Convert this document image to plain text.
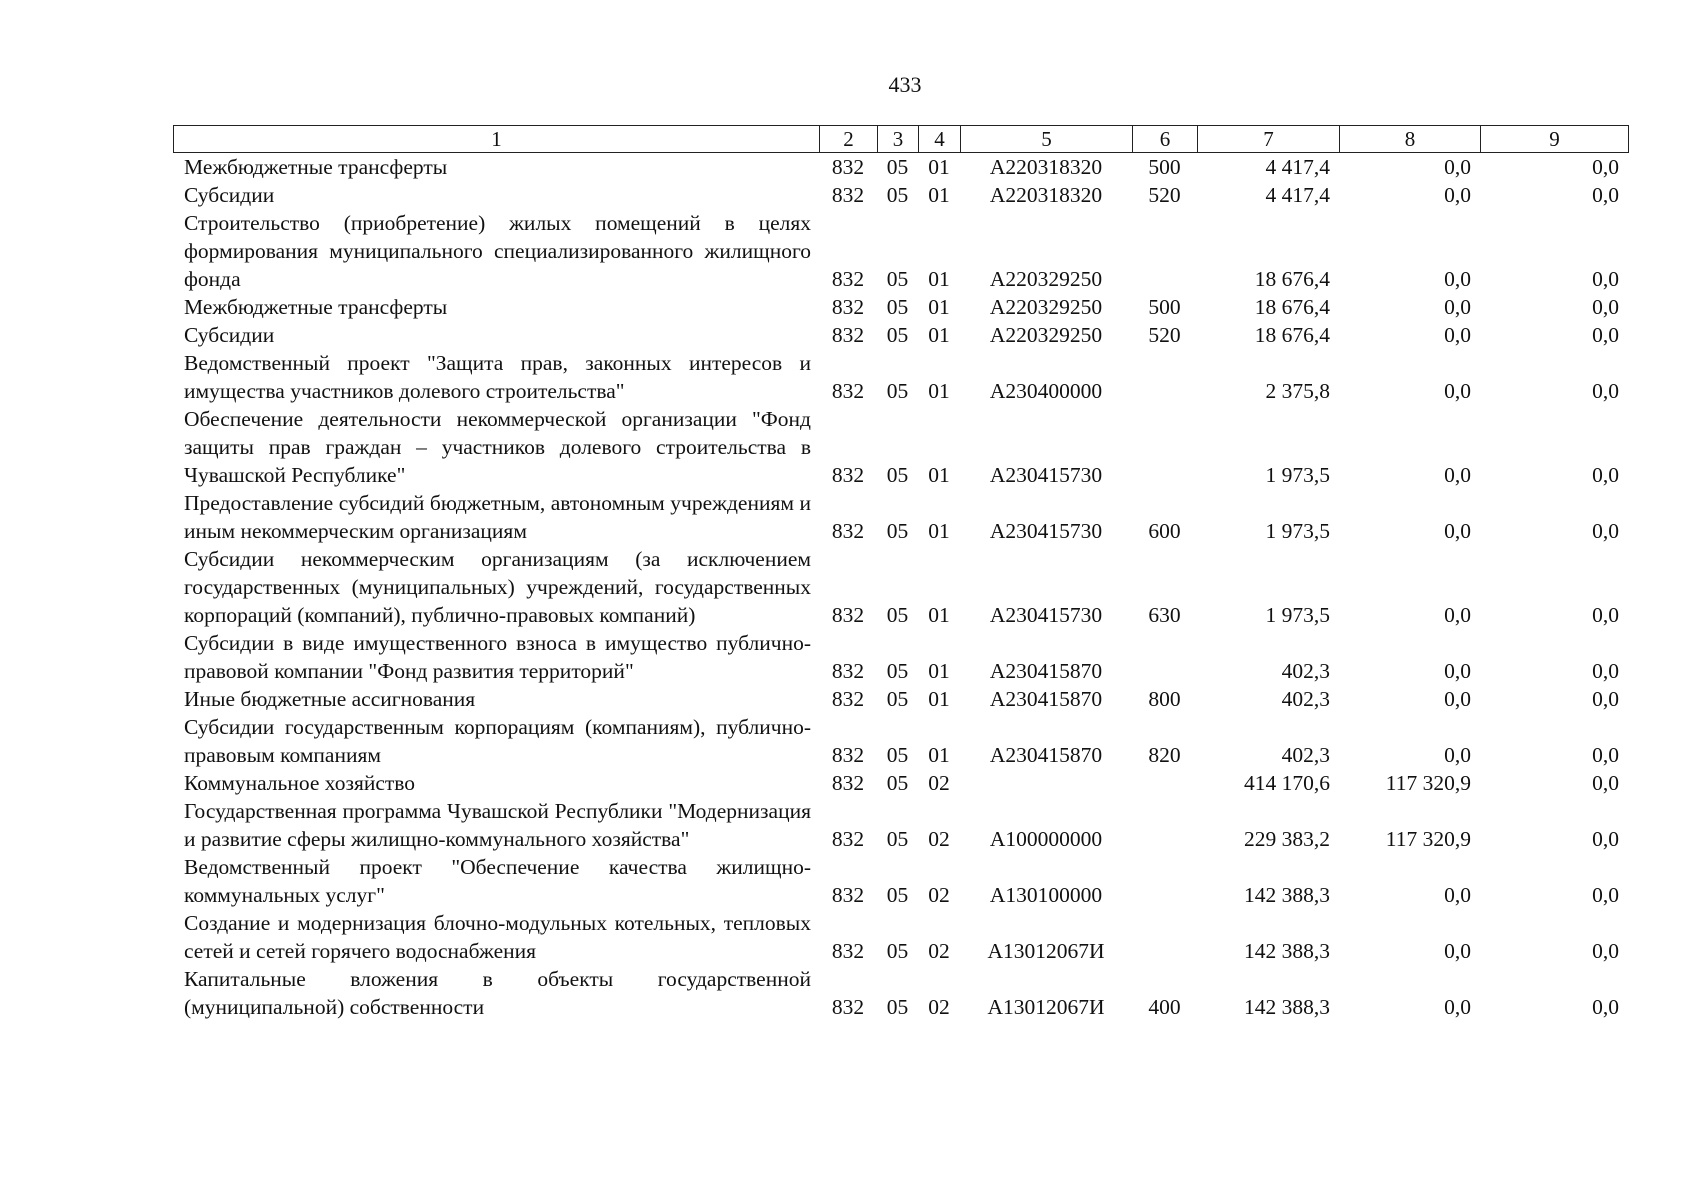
433
1	2	3	4	5	6	7	8	9
Межбюджетные трансферты	832	05	01	А220318320	500	4 417,4	0,0	0,0

Субсидии	832	05	01	А220318320	520	4 417,4	0,0	0,0

Строительство (приобретение) жилых помещений в целях формирования муниципального специализированного жилищного фонда	832	05	01	А220329250		18 676,4	0,0	0,0

Межбюджетные трансферты	832	05	01	А220329250	500	18 676,4	0,0	0,0

Субсидии	832	05	01	А220329250	520	18 676,4	0,0	0,0

Ведомственный проект "Защита прав, законных интересов и имущества участников долевого строительства"	832	05	01	А230400000		2 375,8	0,0	0,0

Обеспечение деятельности некоммерческой организации "Фонд защиты прав граждан – участников долевого строительства в Чувашской Республике"	832	05	01	А230415730		1 973,5	0,0	0,0

Предоставление субсидий бюджетным, автономным учреждениям и иным некоммерческим организациям	832	05	01	А230415730	600	1 973,5	0,0	0,0

Субсидии некоммерческим организациям (за исключением государственных (муниципальных) учреждений, государственных корпораций (компаний), публично-правовых компаний)	832	05	01	А230415730	630	1 973,5	0,0	0,0

Субсидии в виде имущественного взноса в имущество публично-правовой компании "Фонд развития территорий"	832	05	01	А230415870		402,3	0,0	0,0

Иные бюджетные ассигнования	832	05	01	А230415870	800	402,3	0,0	0,0

Субсидии государственным корпорациям (компаниям), публично-правовым компаниям	832	05	01	А230415870	820	402,3	0,0	0,0

Коммунальное хозяйство	832	05	02			414 170,6	117 320,9	0,0

Государственная программа Чувашской Республики "Модернизация и развитие сферы жилищно-коммунального хозяйства"	832	05	02	А100000000		229 383,2	117 320,9	0,0

Ведомственный проект "Обеспечение качества жилищно-коммунальных услуг"	832	05	02	А130100000		142 388,3	0,0	0,0

Создание и модернизация блочно-модульных котельных, тепловых сетей и сетей горячего водоснабжения	832	05	02	А13012067И		142 388,3	0,0	0,0

Капитальные вложения в объекты государственной (муниципальной) собственности	832	05	02	А13012067И	400	142 388,3	0,0	0,0
